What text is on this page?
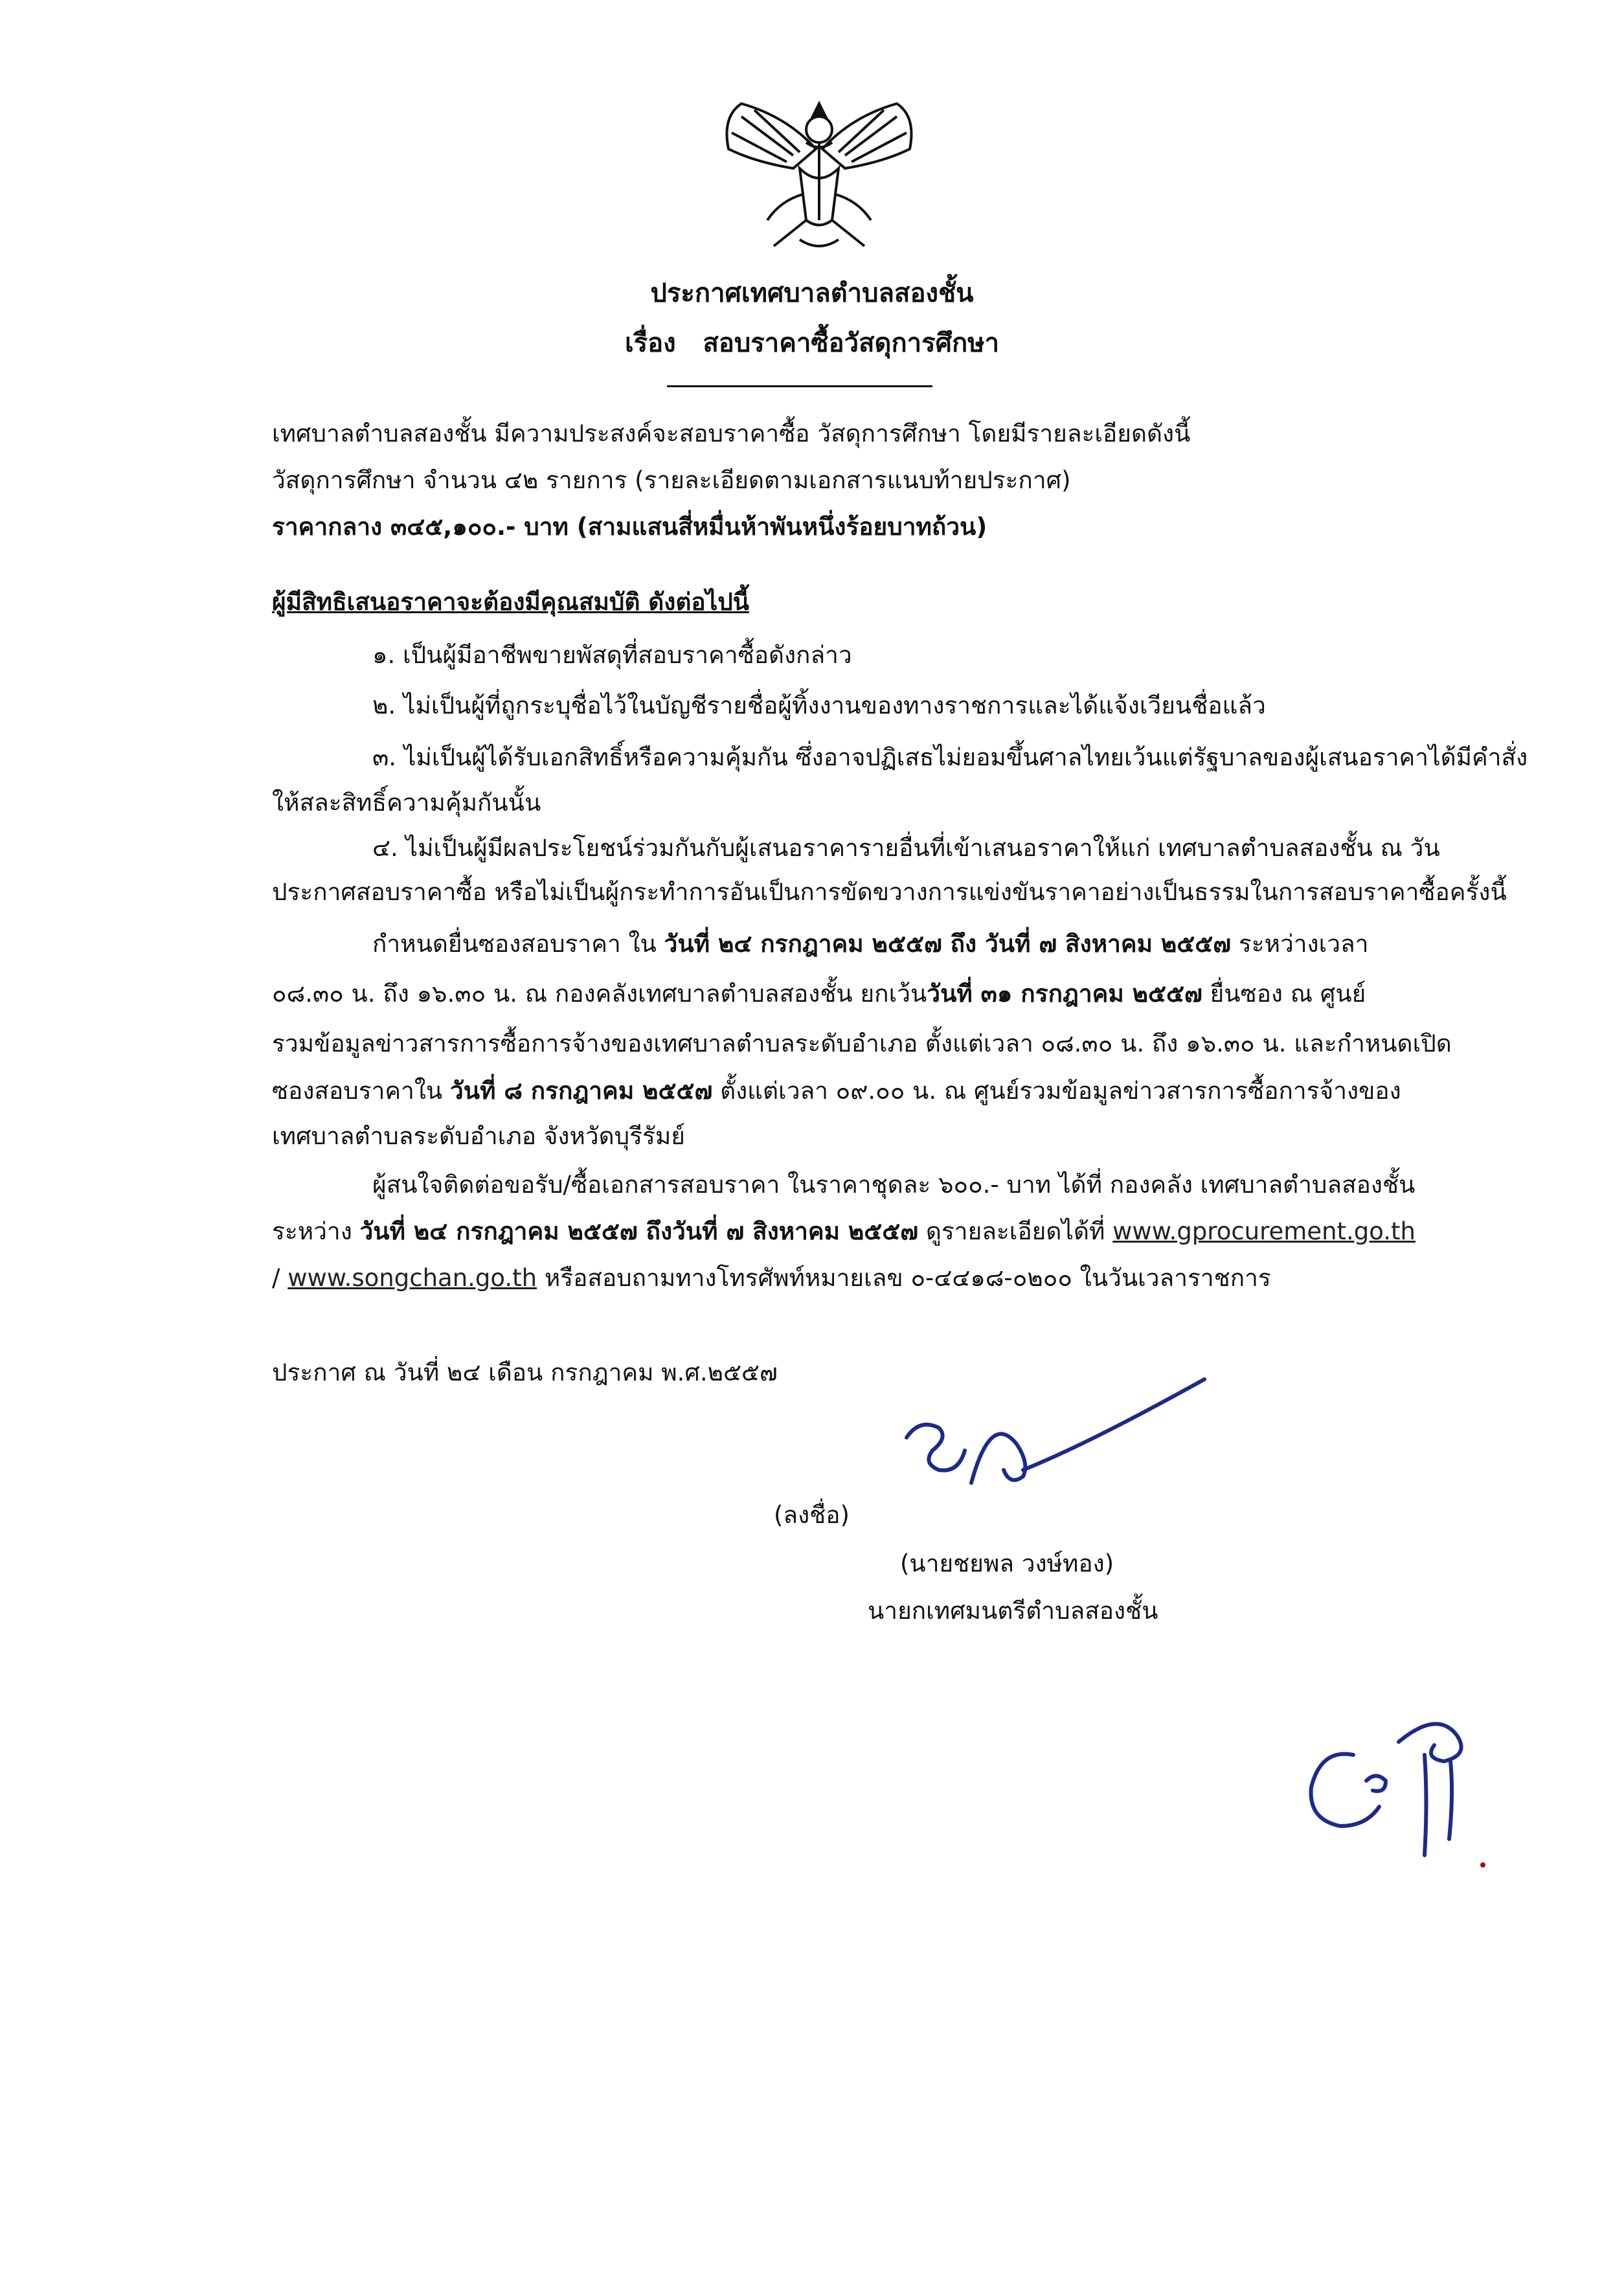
ประกาศเทศบาลตำบลสองชั้น
เรื่อง สอบราคาซื้อวัสดุการศึกษา
เทศบาลตำบลสองชั้น มีความประสงค์จะสอบราคาซื้อ วัสดุการศึกษา โดยมีรายละเอียดดังนี้
วัสดุการศึกษา จำนวน ๔๒ รายการ (รายละเอียดตามเอกสารแนบท้ายประกาศ)
ราคากลาง ๓๔๕,๑๐๐.- บาท (สามแสนสี่หมื่นห้าพันหนึ่งร้อยบาทถ้วน)
ผู้มีสิทธิเสนอราคาจะต้องมีคุณสมบัติ ดังต่อไปนี้
๑. เป็นผู้มีอาชีพขายพัสดุที่สอบราคาซื้อดังกล่าว
๒. ไม่เป็นผู้ที่ถูกระบุชื่อไว้ในบัญชีรายชื่อผู้ทิ้งงานของทางราชการและได้แจ้งเวียนชื่อแล้ว
๓. ไม่เป็นผู้ได้รับเอกสิทธิ์หรือความคุ้มกัน ซึ่งอาจปฏิเสธไม่ยอมขึ้นศาลไทยเว้นแต่รัฐบาลของผู้เสนอราคาได้มีคำสั่ง
ให้สละสิทธิ์ความคุ้มกันนั้น
๔. ไม่เป็นผู้มีผลประโยชน์ร่วมกันกับผู้เสนอราคารายอื่นที่เข้าเสนอราคาให้แก่ เทศบาลตำบลสองชั้น ณ วัน
ประกาศสอบราคาซื้อ หรือไม่เป็นผู้กระทำการอันเป็นการขัดขวางการแข่งขันราคาอย่างเป็นธรรมในการสอบราคาซื้อครั้งนี้
กำหนดยื่นซองสอบราคา ใน วันที่ ๒๔ กรกฎาคม ๒๕๕๗ ถึง วันที่ ๗ สิงหาคม ๒๕๕๗ ระหว่างเวลา
๐๘.๓๐ น. ถึง ๑๖.๓๐ น. ณ กองคลังเทศบาลตำบลสองชั้น ยกเว้นวันที่ ๓๑ กรกฎาคม ๒๕๕๗ ยื่นซอง ณ ศูนย์
รวมข้อมูลข่าวสารการซื้อการจ้างของเทศบาลตำบลระดับอำเภอ ตั้งแต่เวลา ๐๘.๓๐ น. ถึง ๑๖.๓๐ น. และกำหนดเปิด
ซองสอบราคาใน วันที่ ๘ กรกฎาคม ๒๕๕๗ ตั้งแต่เวลา ๐๙.๐๐ น. ณ ศูนย์รวมข้อมูลข่าวสารการซื้อการจ้างของ
เทศบาลตำบลระดับอำเภอ จังหวัดบุรีรัมย์
ผู้สนใจติดต่อขอรับ/ซื้อเอกสารสอบราคา ในราคาชุดละ ๖๐๐.- บาท ได้ที่ กองคลัง เทศบาลตำบลสองชั้น
ระหว่าง วันที่ ๒๔ กรกฎาคม ๒๕๕๗ ถึงวันที่ ๗ สิงหาคม ๒๕๕๗ ดูรายละเอียดได้ที่ www.gprocurement.go.th
/ www.songchan.go.th หรือสอบถามทางโทรศัพท์หมายเลข ๐-๔๔๑๘-๐๒๐๐ ในวันเวลาราชการ
ประกาศ ณ วันที่ ๒๔ เดือน กรกฎาคม พ.ศ.๒๕๕๗
(ลงชื่อ)
(นายชยพล วงษ์ทอง)
นายกเทศมนตรีตำบลสองชั้น
